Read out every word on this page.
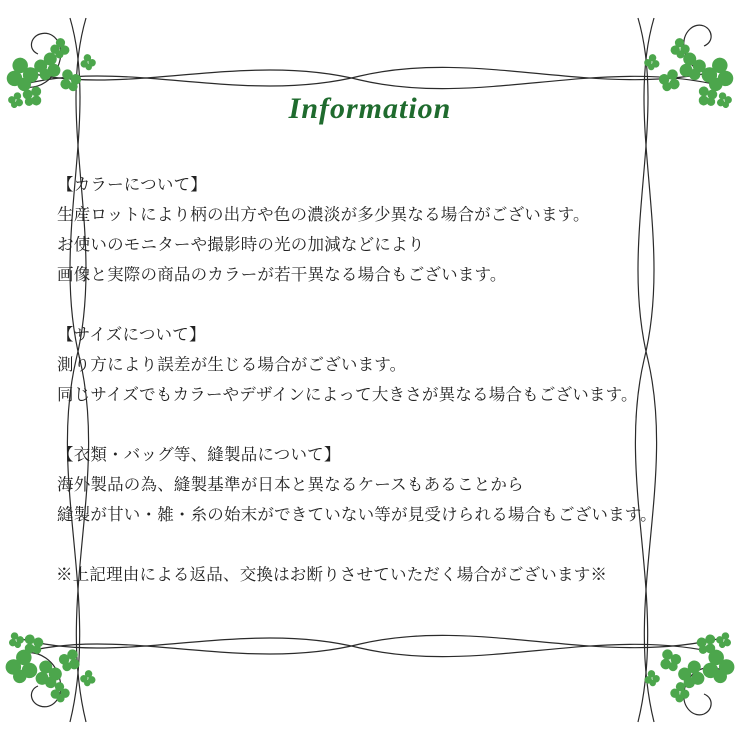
Information
【カラーについて】
生産ロットにより柄の出方や色の濃淡が多少異なる場合がございます。
お使いのモニターや撮影時の光の加減などにより
画像と実際の商品のカラーが若干異なる場合もございます。
【サイズについて】
測り方により誤差が生じる場合がございます。
同じサイズでもカラーやデザインによって大きさが異なる場合もございます。
【衣類・バッグ等、縫製品について】
海外製品の為、縫製基準が日本と異なるケースもあることから
縫製が甘い・雑・糸の始末ができていない等が見受けられる場合もございます。
※上記理由による返品、交換はお断りさせていただく場合がございます※
